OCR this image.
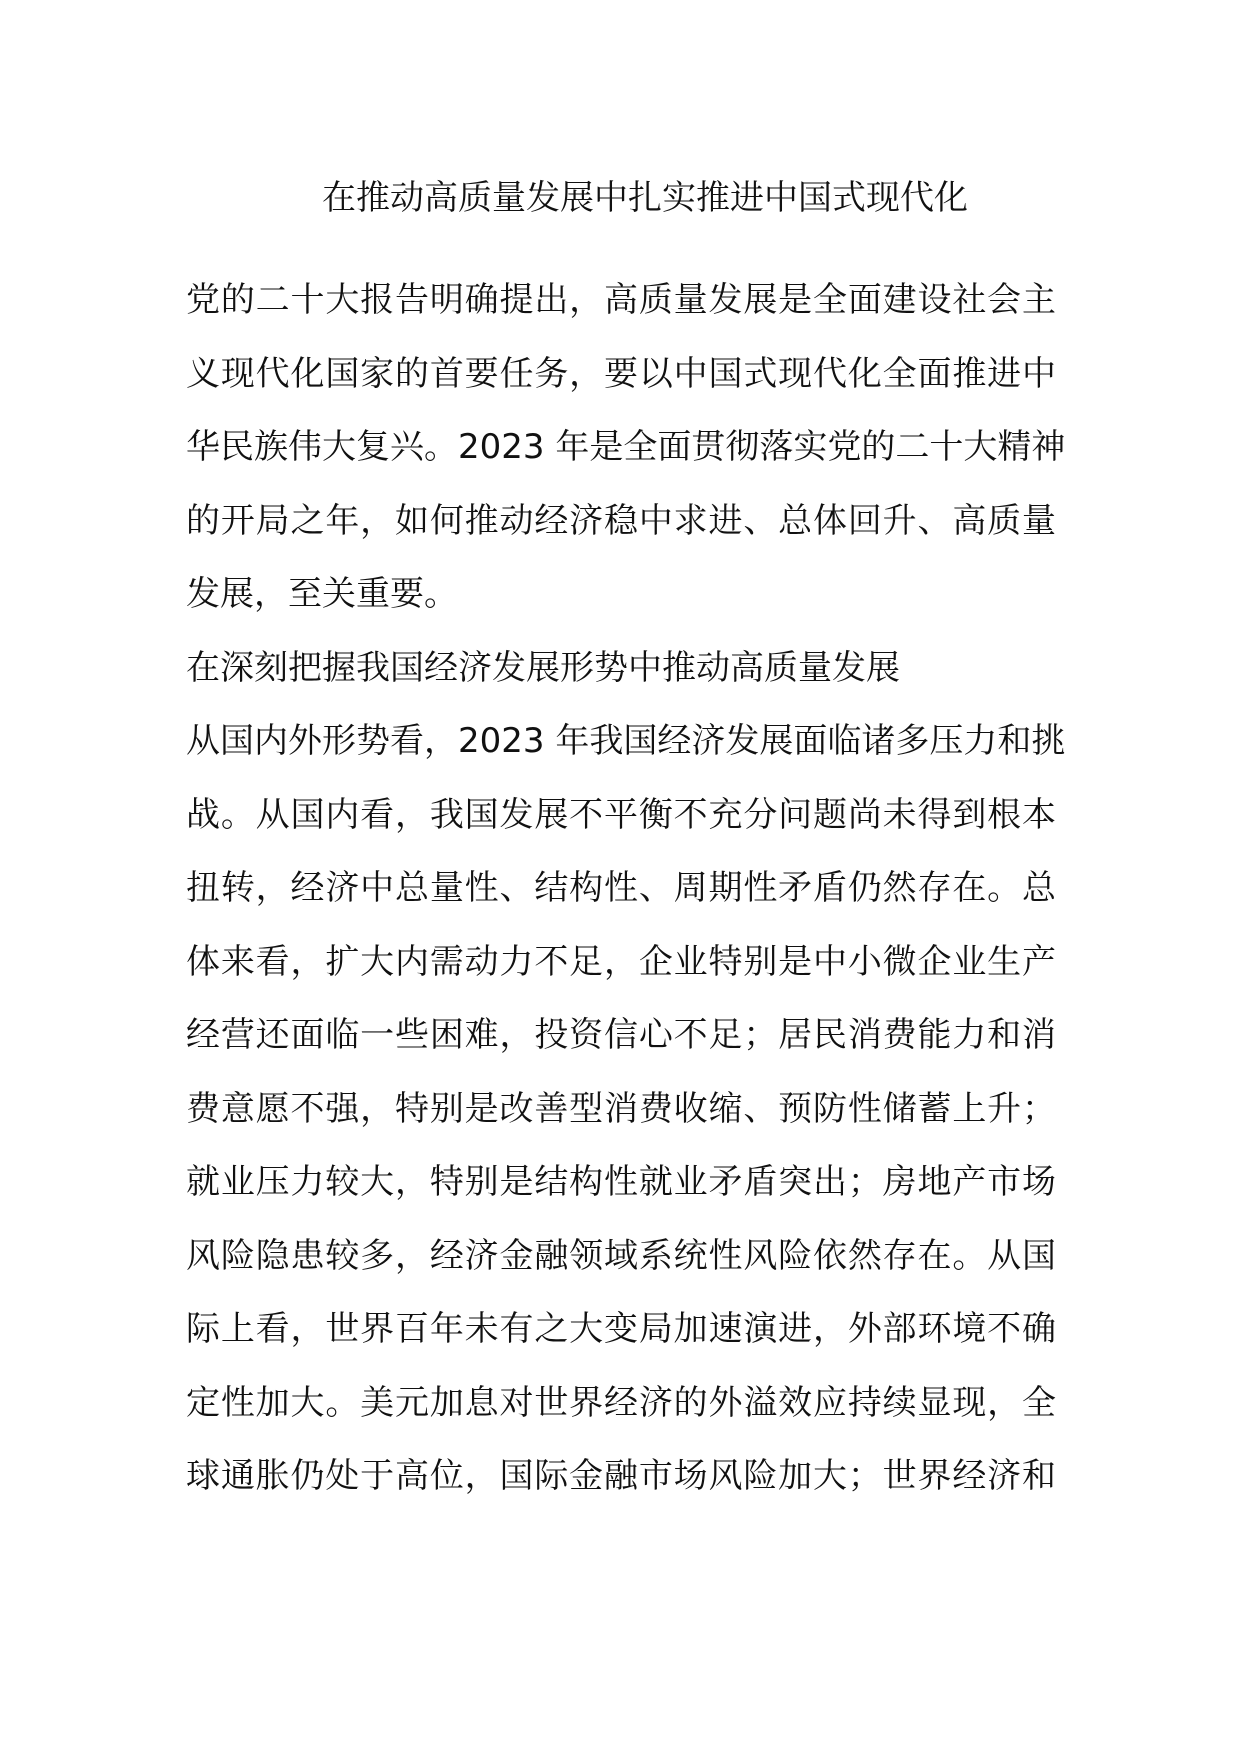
在推动高质量发展中扎实推进中国式现代化

党的二十大报告明确提出，高质量发展是全面建设社会主

义现代化国家的首要任务，要以中国式现代化全面推进中

华民族伟大复兴。2023 年是全面贯彻落实党的二十大精神

的开局之年，如何推动经济稳中求进、总体回升、高质量

发展，至关重要。

在深刻把握我国经济发展形势中推动高质量发展

从国内外形势看，2023 年我国经济发展面临诸多压力和挑

战。从国内看，我国发展不平衡不充分问题尚未得到根本

扭转，经济中总量性、结构性、周期性矛盾仍然存在。总

体来看，扩大内需动力不足，企业特别是中小微企业生产

经营还面临一些困难，投资信心不足；居民消费能力和消

费意愿不强，特别是改善型消费收缩、预防性储蓄上升；

就业压力较大，特别是结构性就业矛盾突出；房地产市场

风险隐患较多，经济金融领域系统性风险依然存在。从国

际上看，世界百年未有之大变局加速演进，外部环境不确

定性加大。美元加息对世界经济的外溢效应持续显现，全

球通胀仍处于高位，国际金融市场风险加大；世界经济和
